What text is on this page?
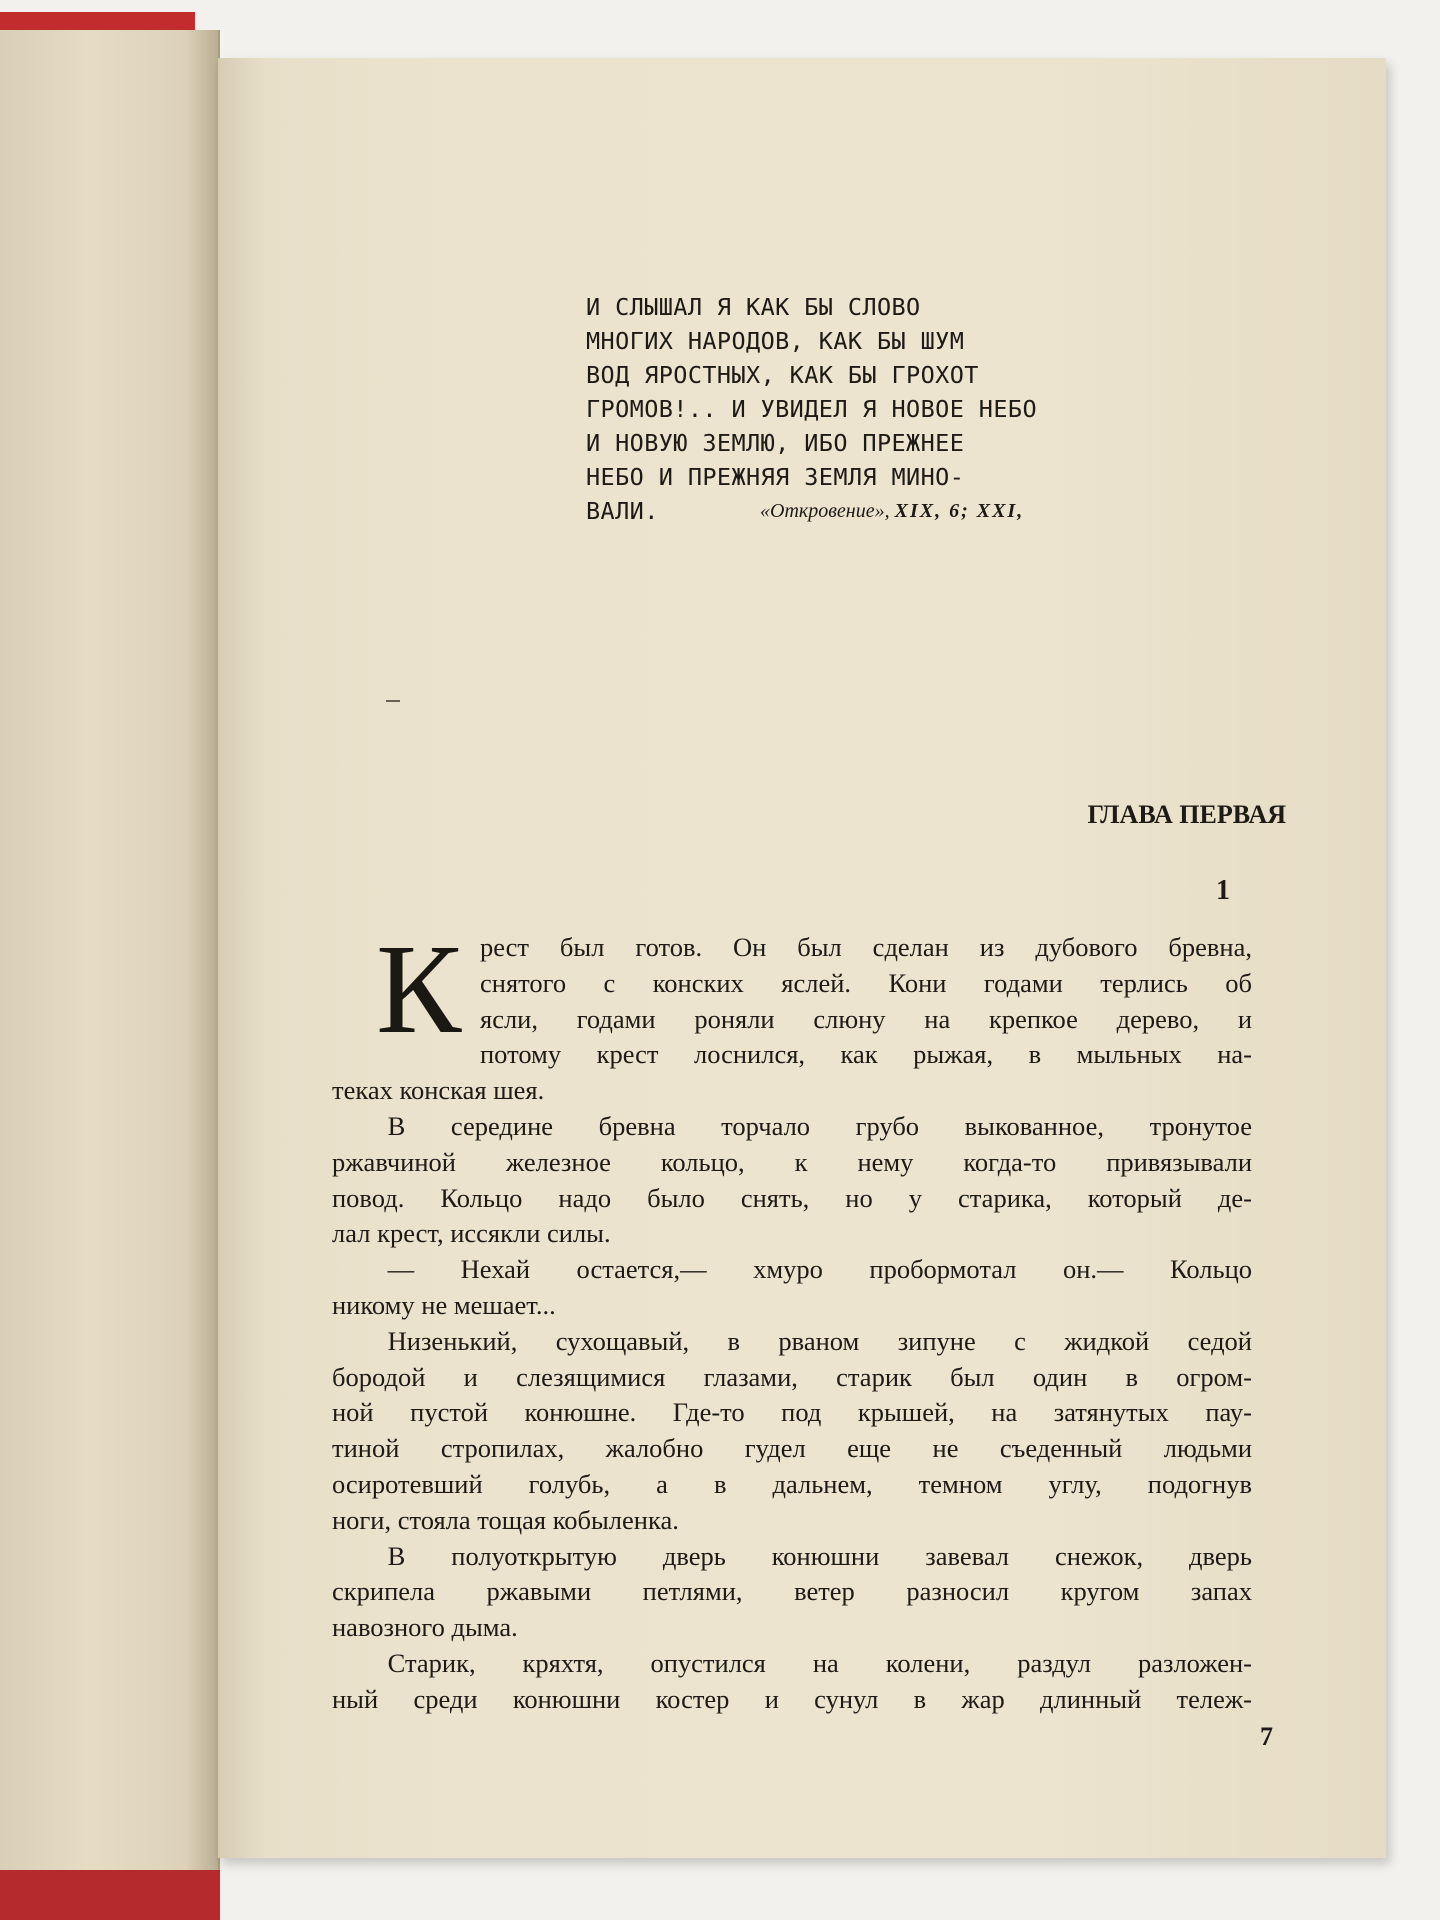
И СЛЫШАЛ Я КАК БЫ СЛОВО

МНОГИХ НАРОДОВ, КАК БЫ ШУМ

ВОД ЯРОСТНЫХ, КАК БЫ ГРОХОТ

ГРОМОВ!.. И УВИДЕЛ Я НОВОЕ НЕБО

И НОВУЮ ЗЕМЛЮ, ИБО ПРЕЖНЕЕ

НЕБО И ПРЕЖНЯЯ ЗЕМЛЯ МИНО-

ВАЛИ.	«Откровение», XIX, 6; XXI,
ГЛАВА ПЕРВАЯ
1
К рест был готов. Он был сделан из дубового бревна,
снятого с конских яслей. Кони годами терлись об
ясли, годами роняли слюну на крепкое дерево, и
потому крест лоснился, как рыжая, в мыльных на-
теках конская шея.
В середине бревна торчало грубо выкованное, тронутое
ржавчиной железное кольцо, к нему когда-то привязывали
повод. Кольцо надо было снять, но у старика, который де-
лал крест, иссякли силы.
— Нехай остается,— хмуро пробормотал он.— Кольцо
никому не мешает...
Низенький, сухощавый, в рваном зипуне с жидкой седой
бородой и слезящимися глазами, старик был один в огром-
ной пустой конюшне. Где-то под крышей, на затянутых пау-
тиной стропилах, жалобно гудел еще не съеденный людьми
осиротевший голубь, а в дальнем, темном углу, подогнув
ноги, стояла тощая кобыленка.
В полуоткрытую дверь конюшни завевал снежок, дверь
скрипела ржавыми петлями, ветер разносил кругом запах
навозного дыма.
Старик, кряхтя, опустился на колени, раздул разложен-
ный среди конюшни костер и сунул в жар длинный тележ-
7
